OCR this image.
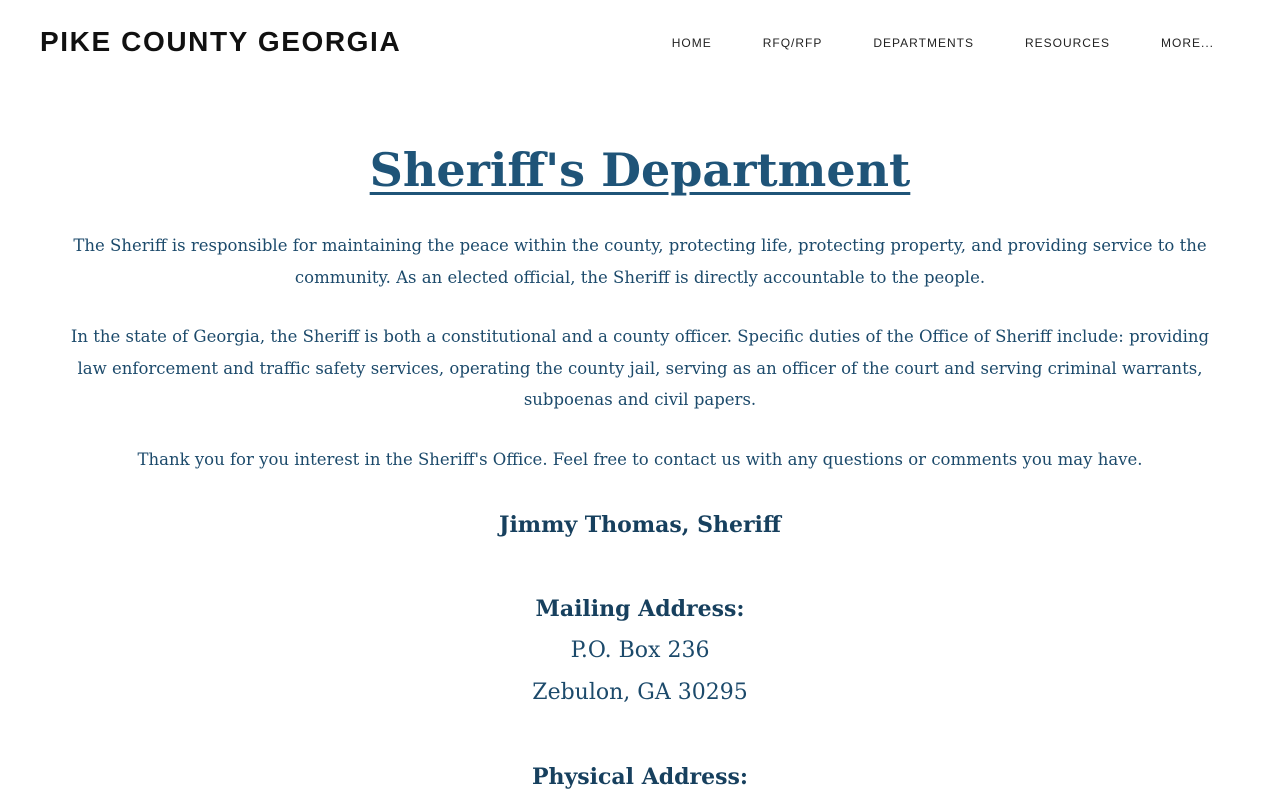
PIKE COUNTY GEORGIA	HOME	RFQ/RFP	DEPARTMENTS	RESOURCES	MORE...
Sheriff's Department

The Sheriff is responsible for maintaining the peace within the county, protecting life, protecting property, and providing service to the community. As an elected official, the Sheriff is directly accountable to the people.

In the state of Georgia, the Sheriff is both a constitutional and a county officer. Specific duties of the Office of Sheriff include: providing law enforcement and traffic safety services, operating the county jail, serving as an officer of the court and serving criminal warrants, subpoenas and civil papers.

Thank you for you interest in the Sheriff's Office. Feel free to contact us with any questions or comments you may have.

Jimmy Thomas, Sheriff

Mailing Address:

P.O. Box 236

Zebulon, GA 30295

Physical Address:
